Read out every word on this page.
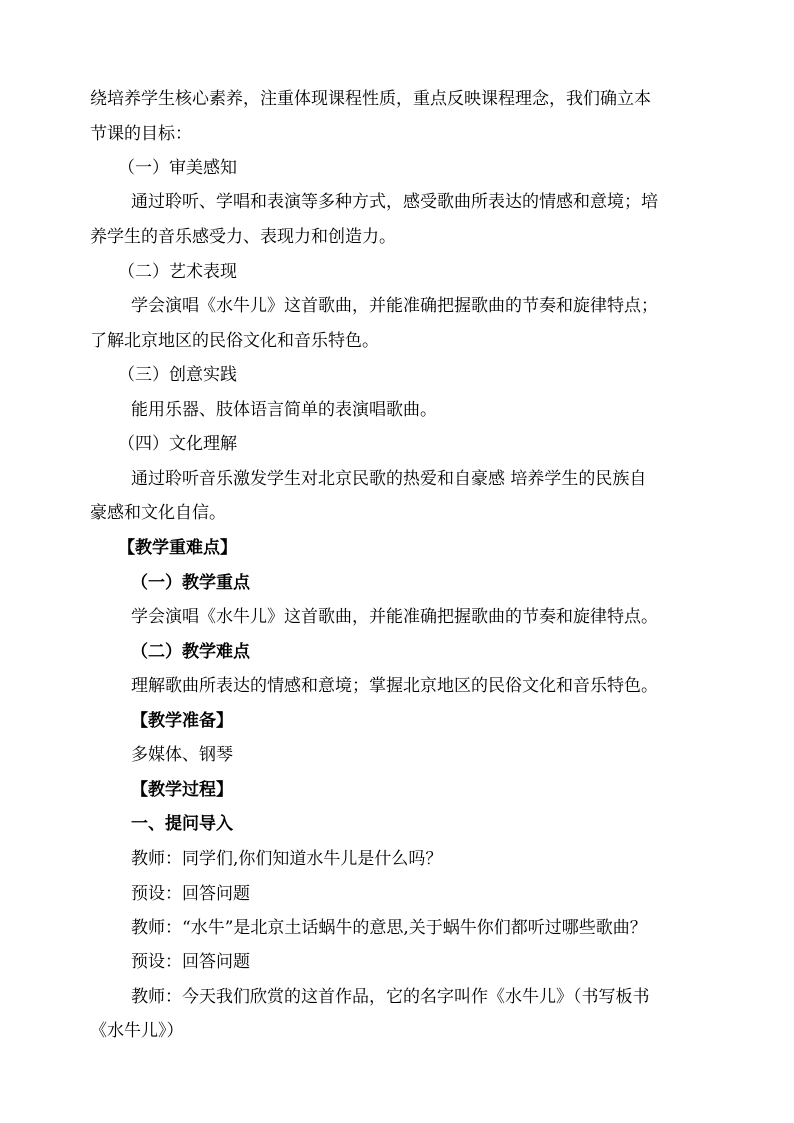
绕培养学生核心素养，注重体现课程性质，重点反映课程理念，我们确立本
节课的目标：
（一）审美感知
通过聆听、学唱和表演等多种方式，感受歌曲所表达的情感和意境；培
养学生的音乐感受力、表现力和创造力。
（二）艺术表现
学会演唱《水牛儿》这首歌曲，并能准确把握歌曲的节奏和旋律特点；
了解北京地区的民俗文化和音乐特色。
（三）创意实践
能用乐器、肢体语言简单的表演唱歌曲。
（四）文化理解
通过聆听音乐激发学生对北京民歌的热爱和自豪感 培养学生的民族自
豪感和文化自信。
【教学重难点】
（一）教学重点
学会演唱《水牛儿》这首歌曲，并能准确把握歌曲的节奏和旋律特点。
（二）教学难点
理解歌曲所表达的情感和意境；掌握北京地区的民俗文化和音乐特色。
【教学准备】
多媒体、钢琴
【教学过程】
一、提问导入
教师：同学们,你们知道水牛儿是什么吗？
预设：回答问题
教师：“水牛”是北京土话蜗牛的意思,关于蜗牛你们都听过哪些歌曲？
预设：回答问题
教师：今天我们欣赏的这首作品，它的名字叫作《水牛儿》（书写板书
《水牛儿》）
